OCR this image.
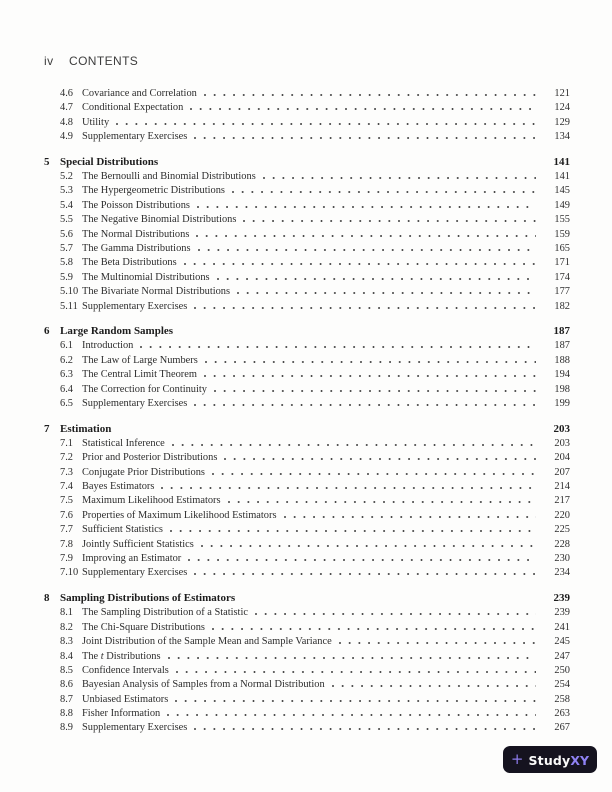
iv	CONTENTS
4.6 Covariance and Correlation	121
4.7 Conditional Expectation	124
4.8 Utility	129
4.9 Supplementary Exercises	134
5 Special Distributions	141
5.2 The Bernoulli and Binomial Distributions	141
5.3 The Hypergeometric Distributions	145
5.4 The Poisson Distributions	149
5.5 The Negative Binomial Distributions	155
5.6 The Normal Distributions	159
5.7 The Gamma Distributions	165
5.8 The Beta Distributions	171
5.9 The Multinomial Distributions	174
5.10 The Bivariate Normal Distributions	177
5.11 Supplementary Exercises	182
6 Large Random Samples	187
6.1 Introduction	187
6.2 The Law of Large Numbers	188
6.3 The Central Limit Theorem	194
6.4 The Correction for Continuity	198
6.5 Supplementary Exercises	199
7 Estimation	203
7.1 Statistical Inference	203
7.2 Prior and Posterior Distributions	204
7.3 Conjugate Prior Distributions	207
7.4 Bayes Estimators	214
7.5 Maximum Likelihood Estimators	217
7.6 Properties of Maximum Likelihood Estimators	220
7.7 Sufficient Statistics	225
7.8 Jointly Sufficient Statistics	228
7.9 Improving an Estimator	230
7.10 Supplementary Exercises	234
8 Sampling Distributions of Estimators	239
8.1 The Sampling Distribution of a Statistic	239
8.2 The Chi-Square Distributions	241
8.3 Joint Distribution of the Sample Mean and Sample Variance	245
8.4 The t Distributions	247
8.5 Confidence Intervals	250
8.6 Bayesian Analysis of Samples from a Normal Distribution	254
8.7 Unbiased Estimators	258
8.8 Fisher Information	263
8.9 Supplementary Exercises	267
+ StudyXY
